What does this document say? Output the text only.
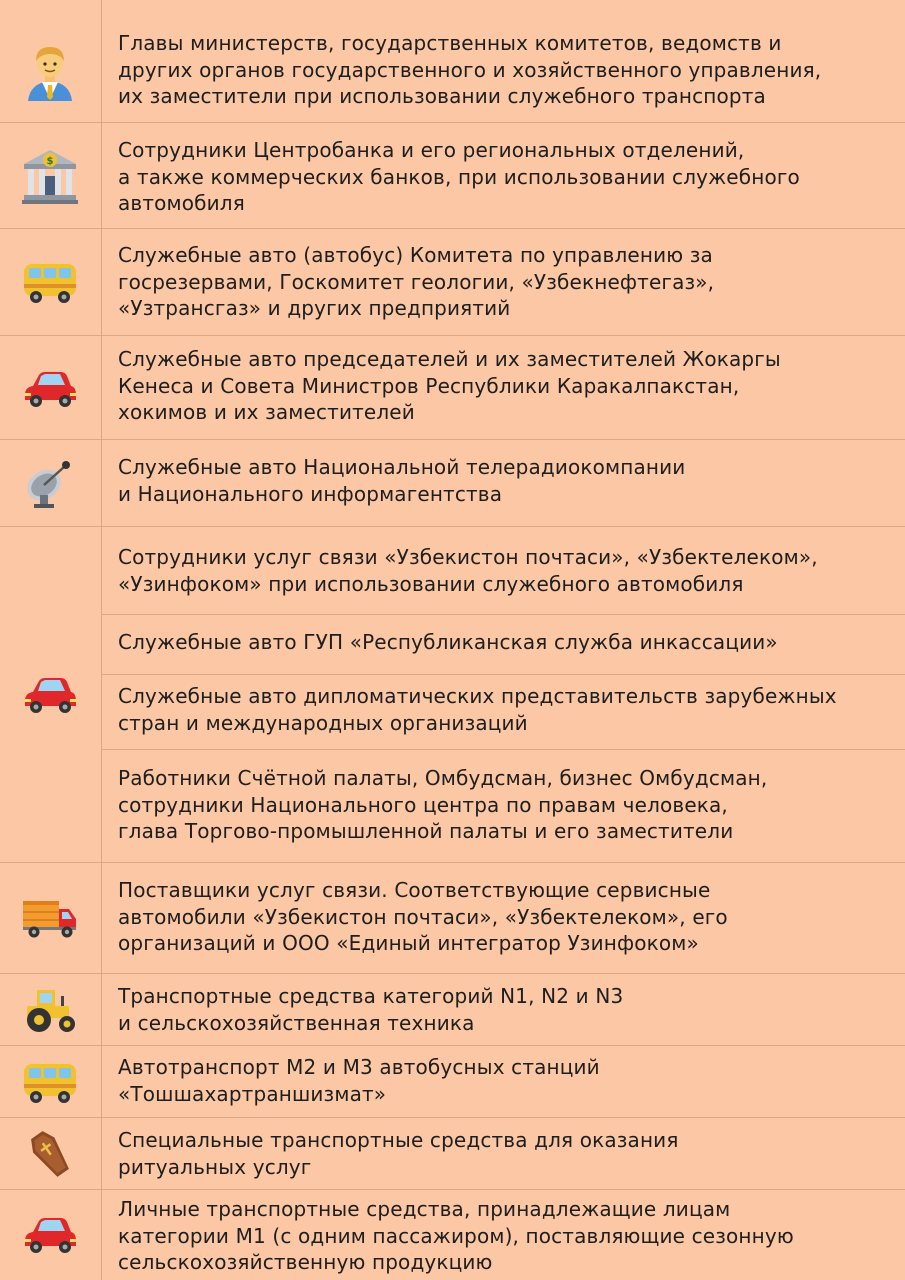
Главы министерств, государственных комитетов, ведомств и
других органов государственного и хозяйственного управления,
их заместители при использовании служебного транспорта
$	Сотрудники Центробанка и его региональных отделений,
а также коммерческих банков, при использовании служебного
автомобиля
Служебные авто (автобус) Комитета по управлению за
госрезервами, Госкомитет геологии, «Узбекнефтегаз»,
«Узтрансгаз» и других предприятий
Служебные авто председателей и их заместителей Жокаргы
Кенеса и Совета Министров Республики Каракалпакстан,
хокимов и их заместителей
Служебные авто Национальной телерадиокомпании
и Национального информагентства
Сотрудники услуг связи «Узбекистон почтаси», «Узбектелеком»,
«Узинфоком» при использовании служебного автомобиля
Служебные авто ГУП «Республиканская служба инкассации»
Служебные авто дипломатических представительств зарубежных
стран и международных организаций
Работники Счётной палаты, Омбудсман, бизнес Омбудсман,
сотрудники Национального центра по правам человека,
глава Торгово-промышленной палаты и его заместители
Поставщики услуг связи. Соответствующие сервисные
автомобили «Узбекистон почтаси», «Узбектелеком», его
организаций и ООО «Единый интегратор Узинфоком»
Транспортные средства категорий N1, N2 и N3
и сельскохозяйственная техника
Автотранспорт М2 и М3 автобусных станций
«Тошшахартраншизмат»
Специальные транспортные средства для оказания
ритуальных услуг
Личные транспортные средства, принадлежащие лицам
категории М1 (с одним пассажиром), поставляющие сезонную
сельскохозяйственную продукцию
